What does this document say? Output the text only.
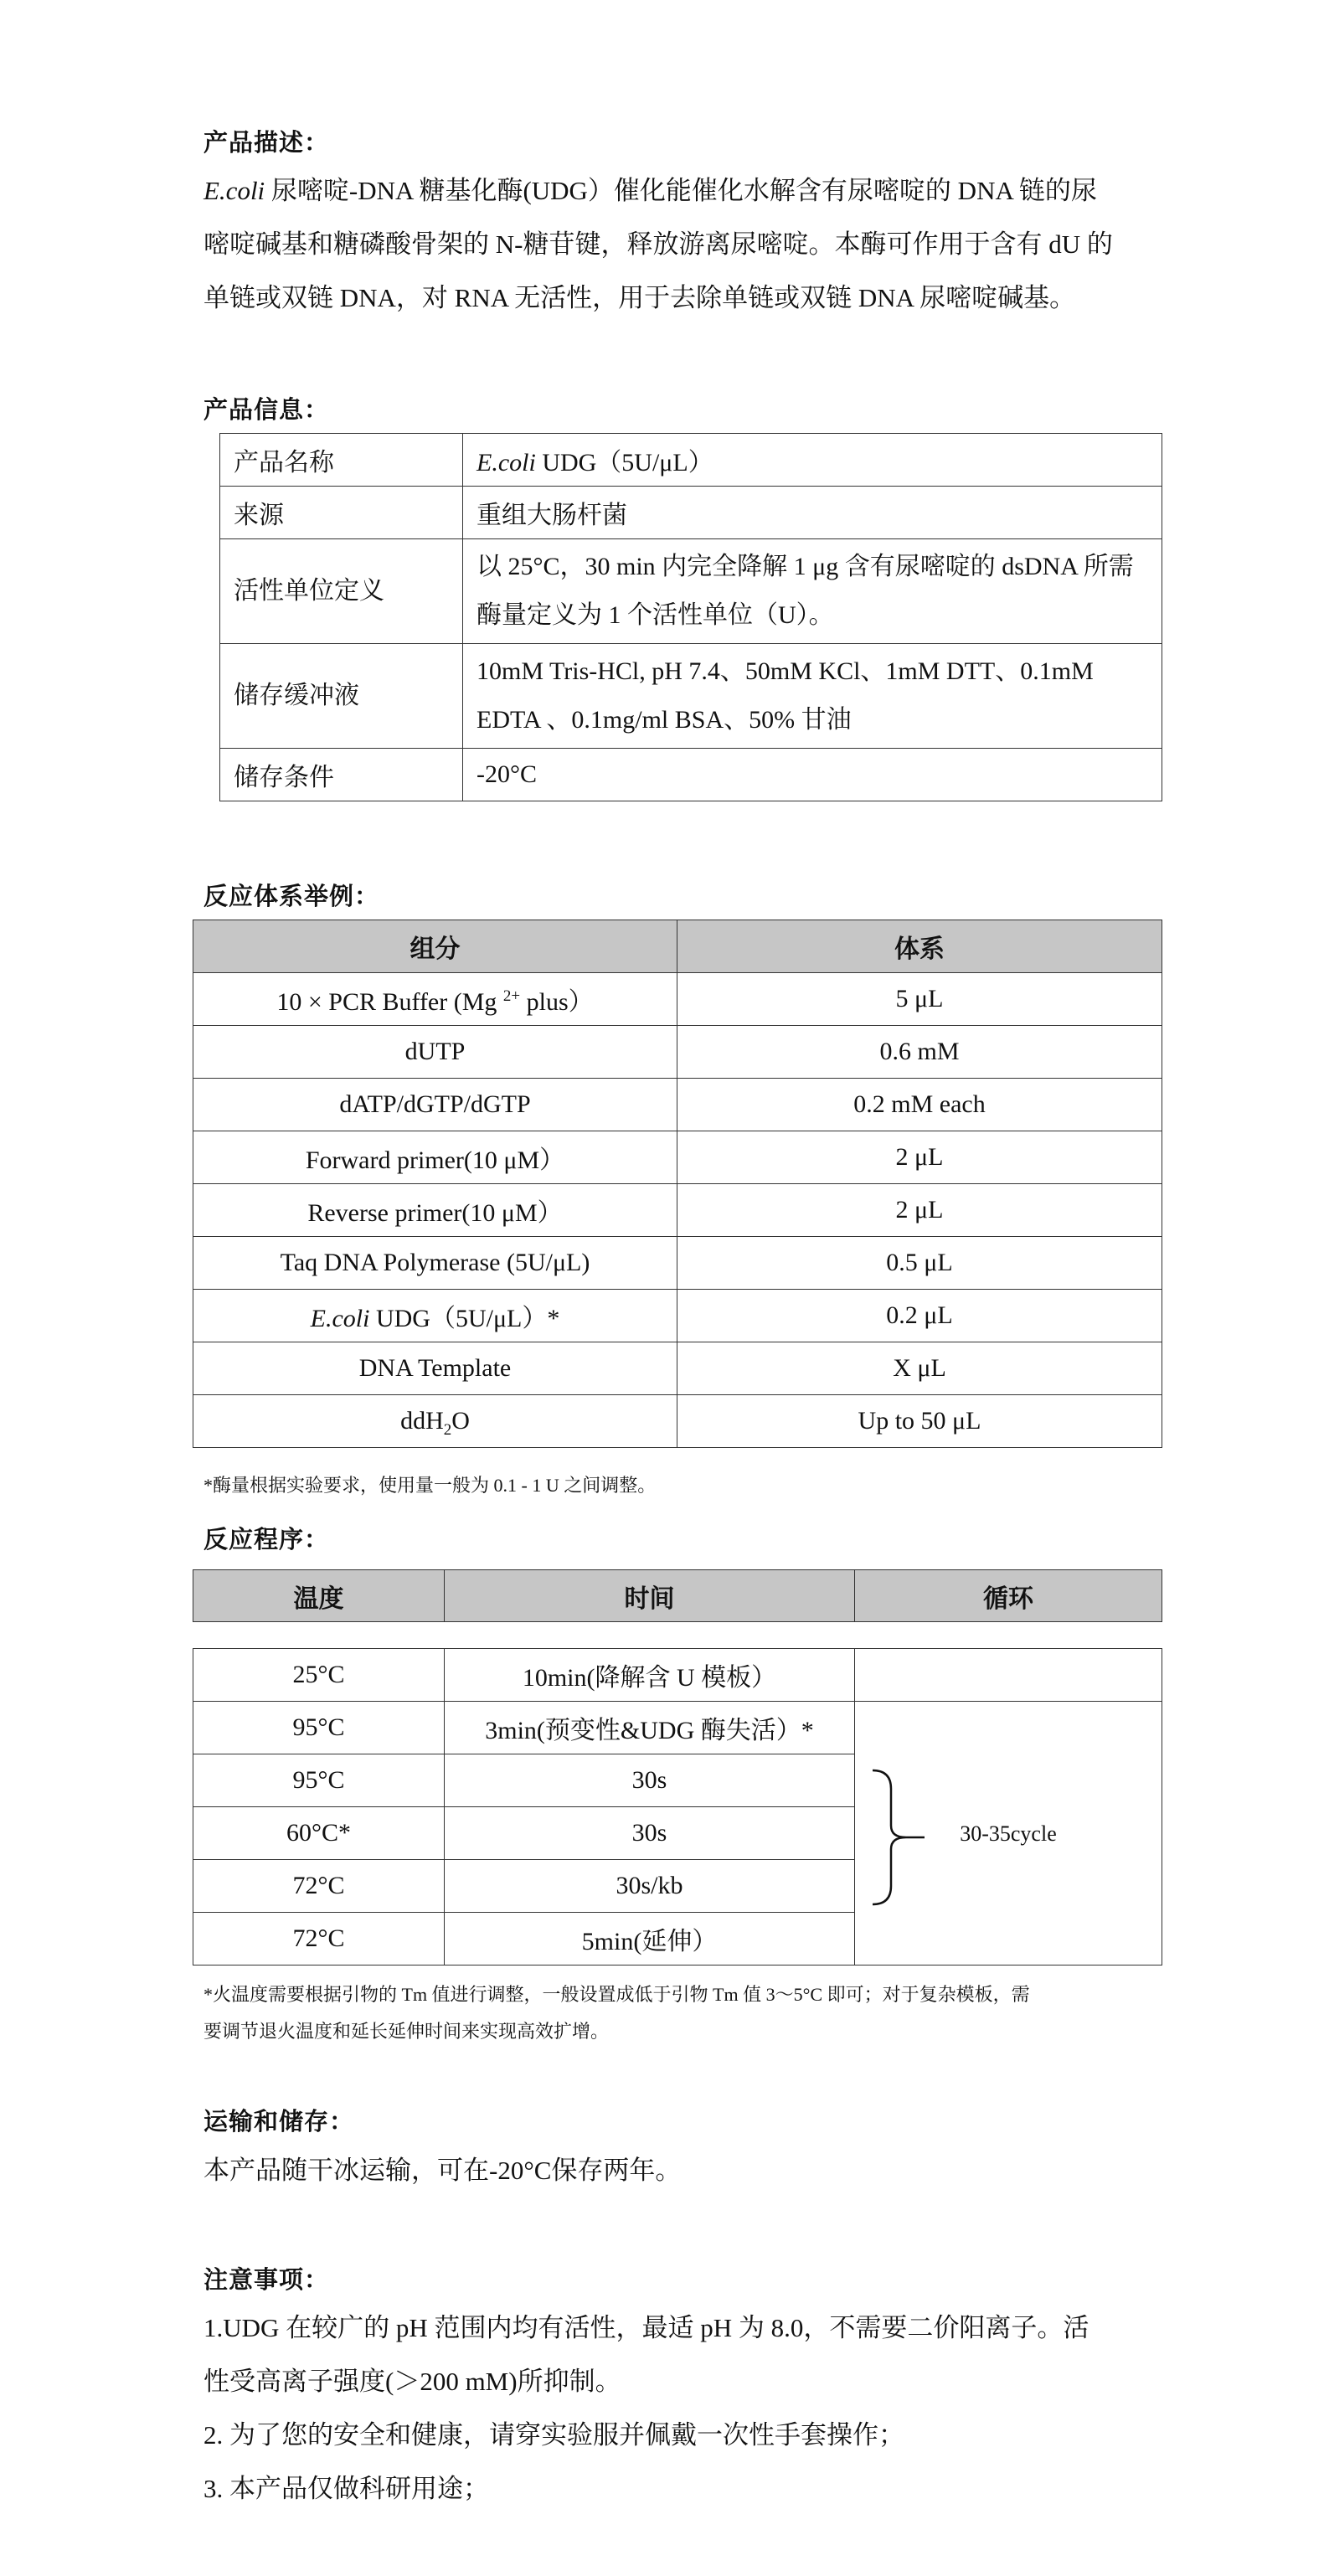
产品描述：

E.coli 尿嘧啶-DNA 糖基化酶(UDG）催化能催化水解含有尿嘧啶的 DNA 链的尿

嘧啶碱基和糖磷酸骨架的 N-糖苷键，释放游离尿嘧啶。本酶可作用于含有 dU 的

单链或双链 DNA，对 RNA 无活性，用于去除单链或双链 DNA 尿嘧啶碱基。

产品信息：
产品名称	E.coli UDG（5U/μL）
来源	重组大肠杆菌
活性单位定义	以 25°C，30 min 内完全降解 1 μg 含有尿嘧啶的 dsDNA 所需酶量定义为 1 个活性单位（U）。
储存缓冲液	10mM Tris-HCl, pH 7.4、50mM KCl、1mM DTT、0.1mM EDTA 、0.1mg/ml BSA、50% 甘油
储存条件	-20°C
反应体系举例：
组分	体系
10 × PCR Buffer (Mg $^{2+}$ plus）	5 μL
dUTP	0.6 mM
dATP/dGTP/dGTP	0.2 mM each
Forward primer(10 μM）	2 μL
Reverse primer(10 μM）	2 μL
Taq DNA Polymerase (5U/μL)	0.5 μL
E.coli UDG（5U/μL）*	0.2 μL
DNA Template	X μL
ddH$_2$O	Up to 50 μL

*酶量根据实验要求，使用量一般为 0.1 - 1 U 之间调整。

反应程序：
温度	时间	循环
25°C	10min(降解含 U 模板）	
95°C	3min(预变性&UDG 酶失活）*	30-35cycle
95°C	30s	
60°C*	30s	
72°C	30s/kb	
72°C	5min(延伸）	

*火温度需要根据引物的 Tm 值进行调整，一般设置成低于引物 Tm 值 3～5°C 即可；对于复杂模板，需

要调节退火温度和延长延伸时间来实现高效扩增。

运输和储存：

本产品随干冰运输，可在-20°C保存两年。

注意事项：

1.UDG 在较广的 pH 范围内均有活性，最适 pH 为 8.0，不需要二价阳离子。活

性受高离子强度(＞200 mM)所抑制。

2. 为了您的安全和健康，请穿实验服并佩戴一次性手套操作；

3. 本产品仅做科研用途；
